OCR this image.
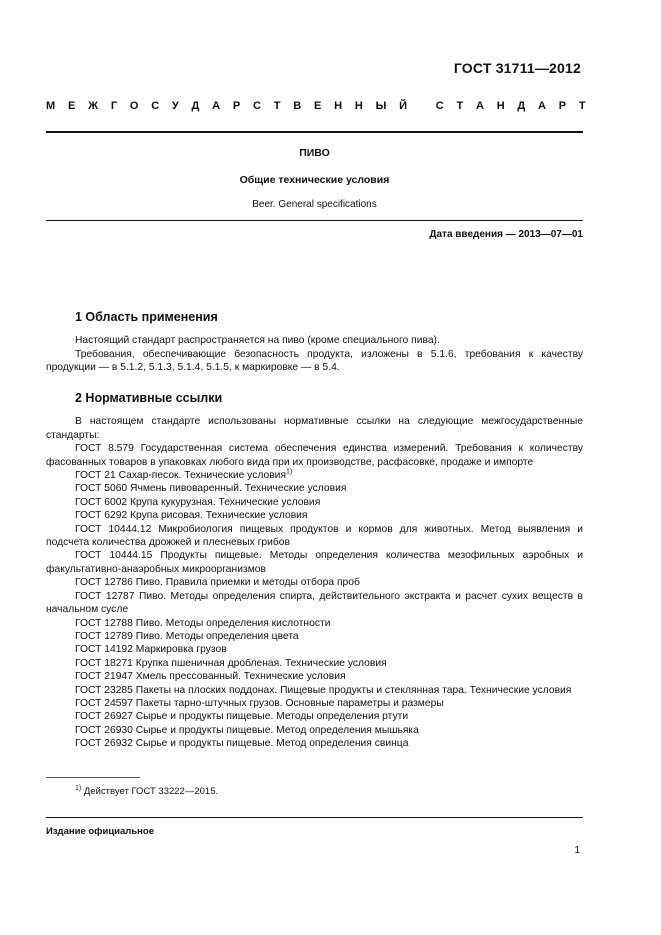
ГОСТ 31711—2012
М Е Ж Г О С У Д А Р С Т В Е Н Н Ы Й
	С Т А Н Д А Р Т
ПИВО
Общие технические условия
Beer. General specifications
Дата введения — 2013—07—01

1 Область применения

Настоящий стандарт распространяется на пиво (кроме специального пива).

Требования, обеспечивающие безопасность продукта, изложены в 5.1.6, требования к качеству продукции — в 5.1.2, 5.1.3, 5.1.4, 5.1.5, к маркировке — в 5.4.

2 Нормативные ссылки

В настоящем стандарте использованы нормативные ссылки на следующие межгосударственные стандарты:

ГОСТ 8.579 Государственная система обеспечения единства измерений. Требования к количеству фасованных товаров в упаковках любого вида при их производстве, расфасовке, продаже и импорте

ГОСТ 21 Сахар-песок. Технические условия$^{1)}$

ГОСТ 5060 Ячмень пивоваренный. Технические условия

ГОСТ 6002 Крупа кукурузная. Технические условия

ГОСТ 6292 Крупа рисовая. Технические условия

ГОСТ 10444.12 Микробиология пищевых продуктов и кормов для животных. Метод выявления и подсчета количества дрожжей и плесневых грибов

ГОСТ 10444.15 Продукты пищевые. Методы определения количества мезофильных аэробных и факультативно-анаэробных микроорганизмов

ГОСТ 12786 Пиво. Правила приемки и методы отбора проб

ГОСТ 12787 Пиво. Методы определения спирта, действительного экстракта и расчет сухих веществ в начальном сусле

ГОСТ 12788 Пиво. Методы определения кислотности

ГОСТ 12789 Пиво. Методы определения цвета

ГОСТ 14192 Маркировка грузов

ГОСТ 18271 Крупка пшеничная дробленая. Технические условия

ГОСТ 21947 Хмель прессованный. Технические условия

ГОСТ 23285 Пакеты на плоских поддонах. Пищевые продукты и стеклянная тара. Технические условия

ГОСТ 24597 Пакеты тарно-штучных грузов. Основные параметры и размеры

ГОСТ 26927 Сырье и продукты пищевые. Методы определения ртути

ГОСТ 26930 Сырье и продукты пищевые. Метод определения мышьяка

ГОСТ 26932 Сырье и продукты пищевые. Метод определения свинца

$^{1)}$ Действует ГОСТ 33222—2015.
Издание официальное
1
